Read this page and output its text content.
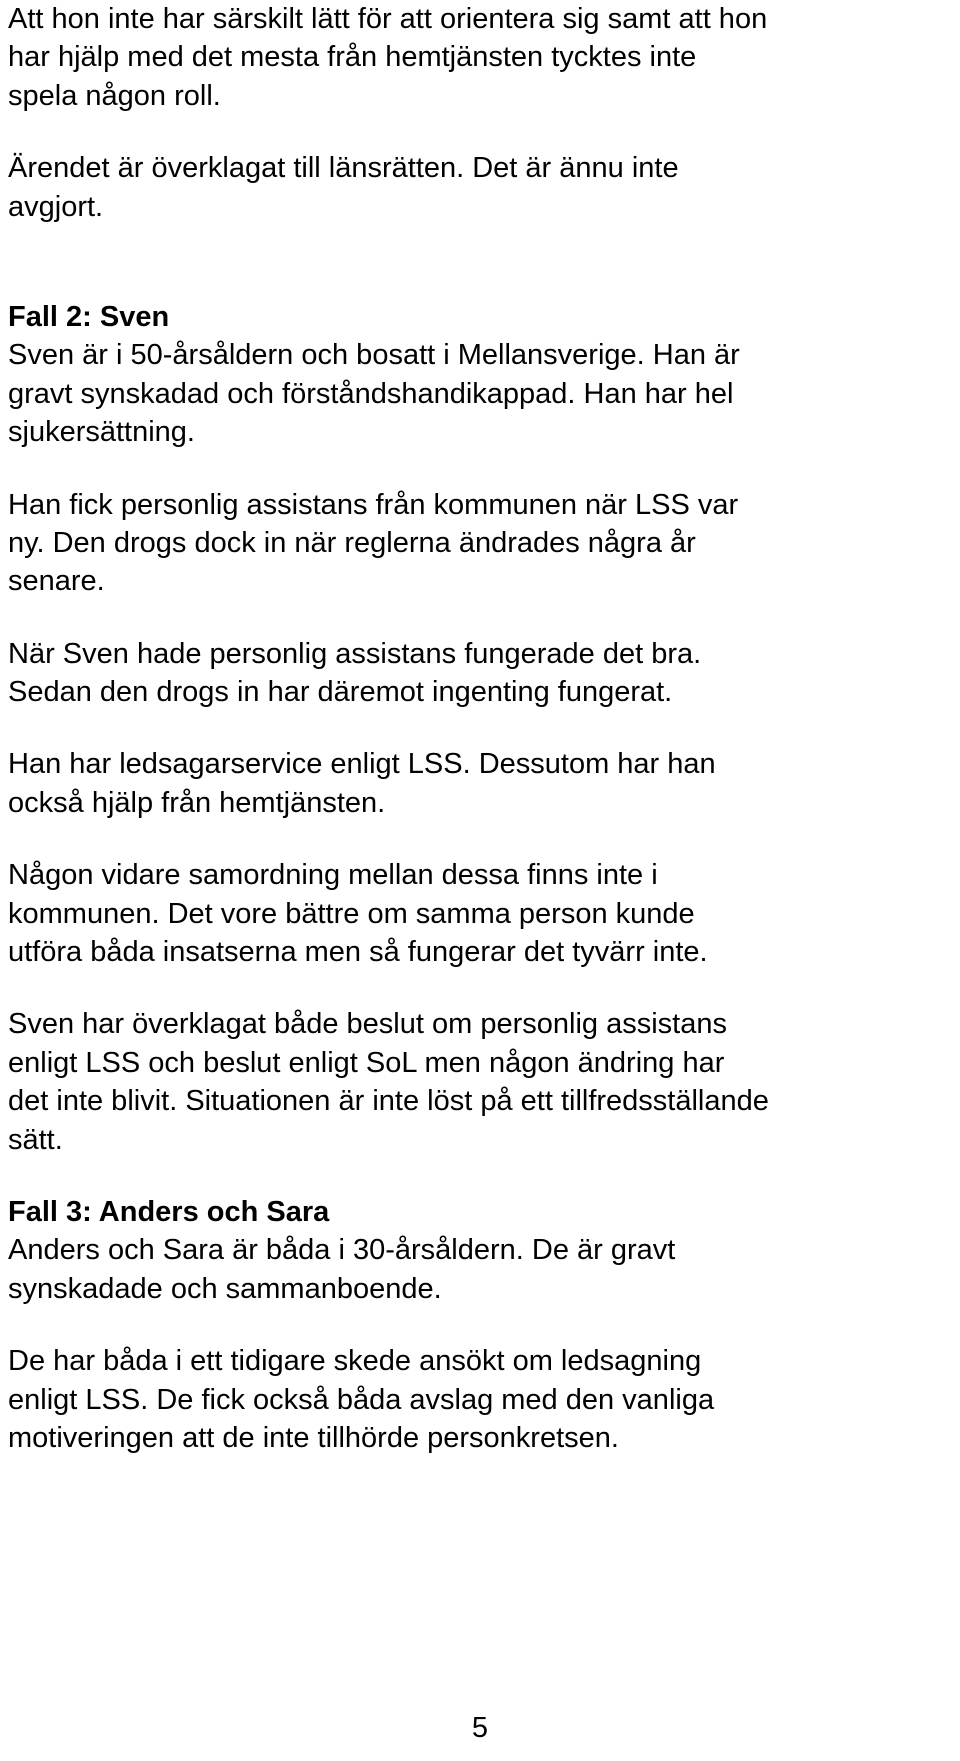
Att hon inte har särskilt lätt för att orientera sig samt att hon
har hjälp med det mesta från hemtjänsten tycktes inte
spela någon roll.
Ärendet är överklagat till länsrätten. Det är ännu inte
avgjort.
Fall 2: Sven
Sven är i 50-årsåldern och bosatt i Mellansverige. Han är
gravt synskadad och förståndshandikappad. Han har hel
sjukersättning.
Han fick personlig assistans från kommunen när LSS var
ny. Den drogs dock in när reglerna ändrades några år
senare.
När Sven hade personlig assistans fungerade det bra.
Sedan den drogs in har däremot ingenting fungerat.
Han har ledsagarservice enligt LSS. Dessutom har han
också hjälp från hemtjänsten.
Någon vidare samordning mellan dessa finns inte i
kommunen. Det vore bättre om samma person kunde
utföra båda insatserna men så fungerar det tyvärr inte.
Sven har överklagat både beslut om personlig assistans
enligt LSS och beslut enligt SoL men någon ändring har
det inte blivit. Situationen är inte löst på ett tillfredsställande
sätt.
Fall 3: Anders och Sara
Anders och Sara är båda i 30-årsåldern. De är gravt
synskadade och sammanboende.
De har båda i ett tidigare skede ansökt om ledsagning
enligt LSS. De fick också båda avslag med den vanliga
motiveringen att de inte tillhörde personkretsen.
5
